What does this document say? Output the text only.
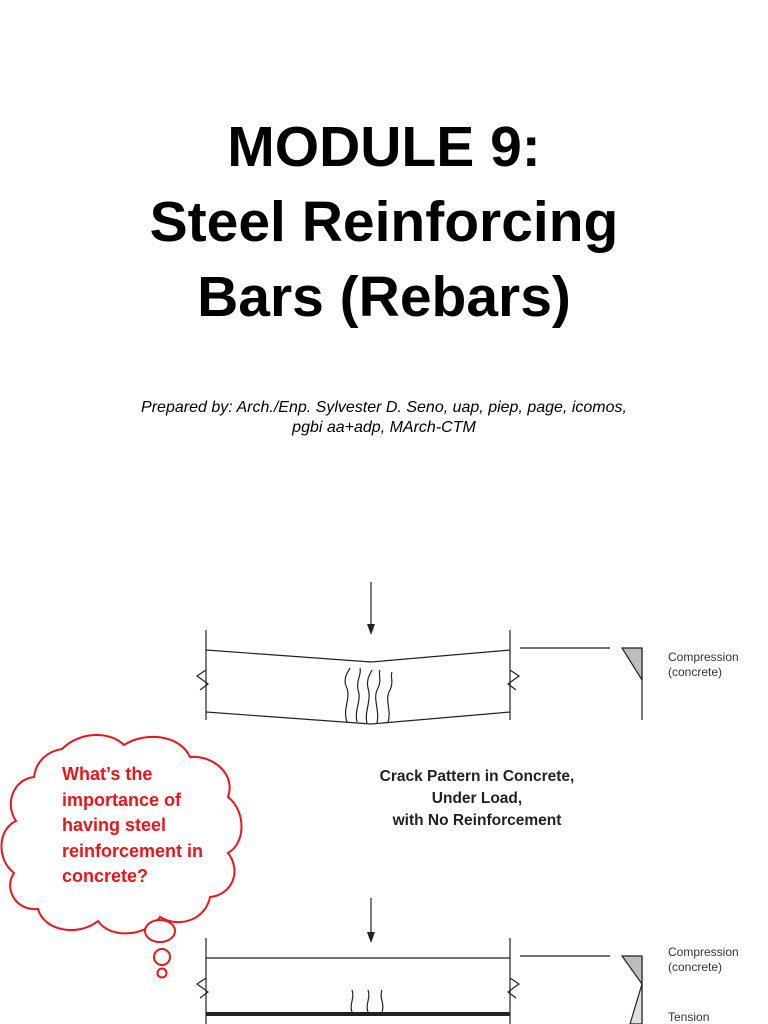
MODULE 9:
Steel Reinforcing
Bars (Rebars)
Prepared by: Arch./Enp. Sylvester D. Seno, uap, piep, page, icomos,
pgbi aa+adp, MArch-CTM
Compression
(concrete)
Crack Pattern in Concrete,
Under Load,
with No Reinforcement
Compression
(concrete)
Tension
What’s the
importance of
having steel
reinforcement in
concrete?
